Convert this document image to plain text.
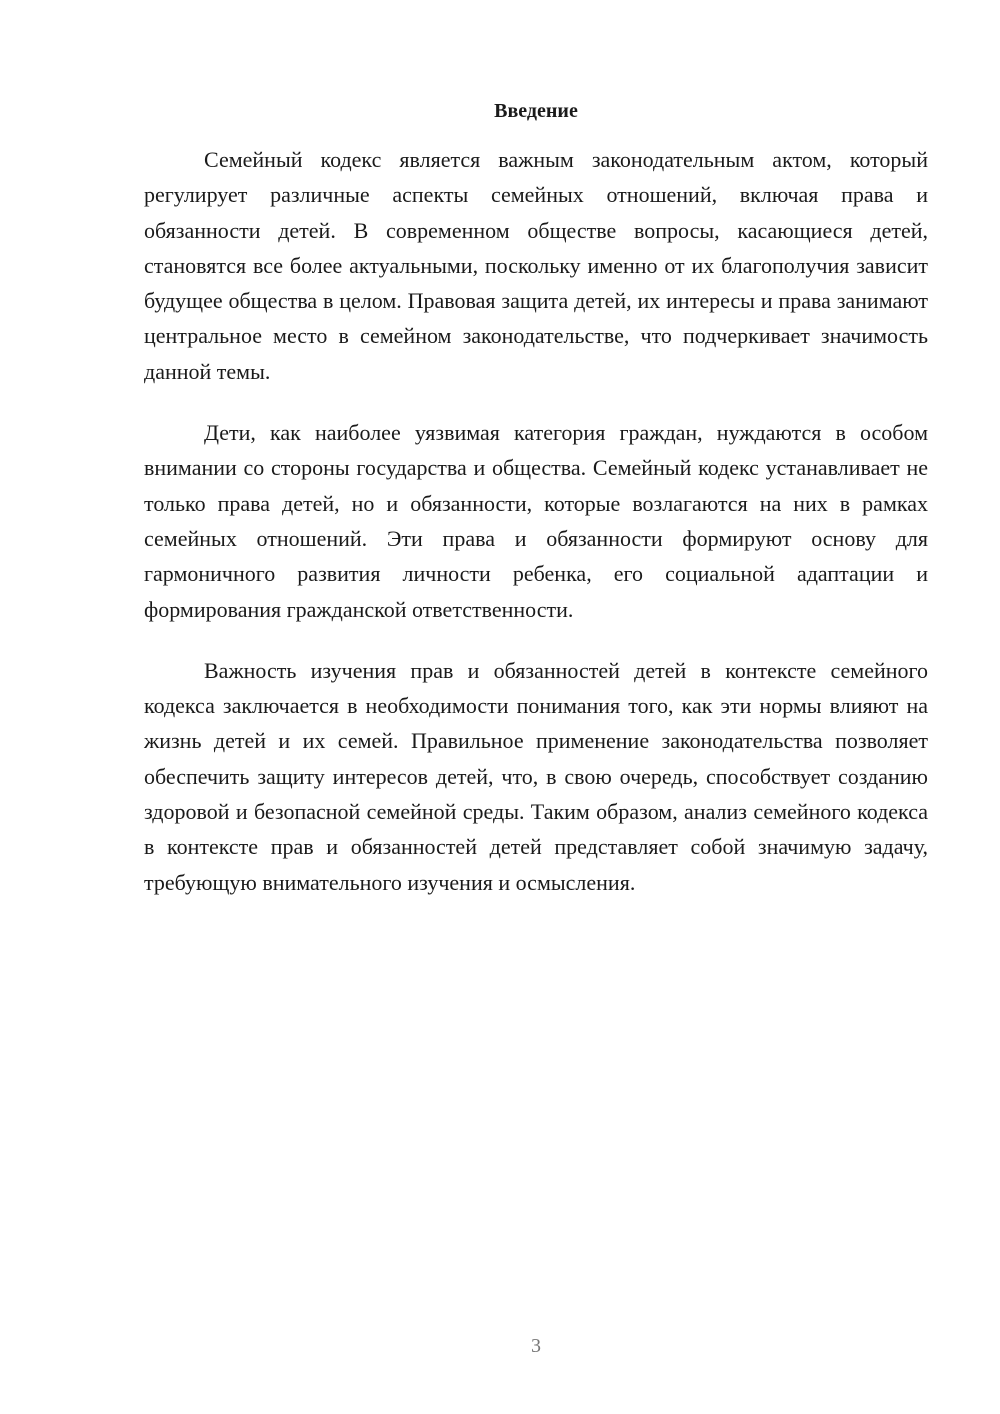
Введение

Семейный кодекс является важным законодательным актом, который регулирует различные аспекты семейных отношений, включая права и обязанности детей. В современном обществе вопросы, касающиеся детей, становятся все более актуальными, поскольку именно от их благополучия зависит будущее общества в целом. Правовая защита детей, их интересы и права занимают центральное место в семейном законодательстве, что подчеркивает значимость данной темы.

Дети, как наиболее уязвимая категория граждан, нуждаются в особом внимании со стороны государства и общества. Семейный кодекс устанавливает не только права детей, но и обязанности, которые возлагаются на них в рамках семейных отношений. Эти права и обязанности формируют основу для гармоничного развития личности ребенка, его социальной адаптации и формирования гражданской ответственности.

Важность изучения прав и обязанностей детей в контексте семейного кодекса заключается в необходимости понимания того, как эти нормы влияют на жизнь детей и их семей. Правильное применение законодательства позволяет обеспечить защиту интересов детей, что, в свою очередь, способствует созданию здоровой и безопасной семейной среды. Таким образом, анализ семейного кодекса в контексте прав и обязанностей детей представляет собой значимую задачу, требующую внимательного изучения и осмысления.

3
